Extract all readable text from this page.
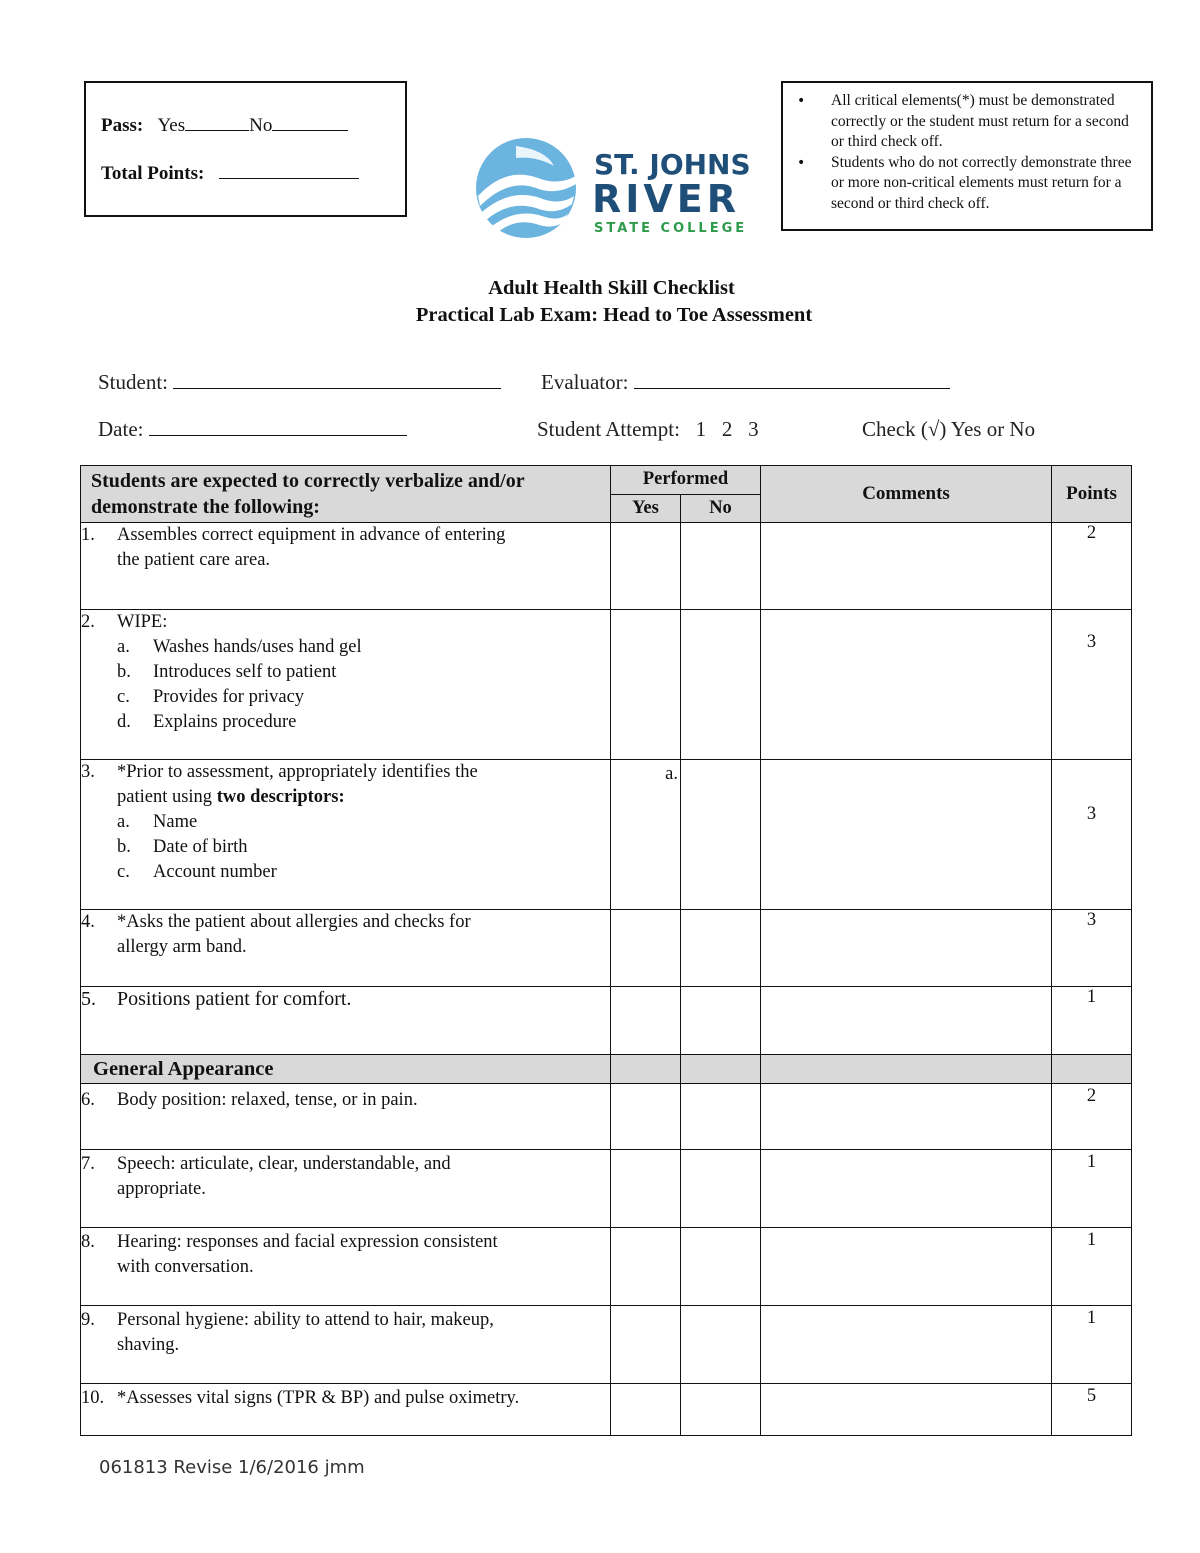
Pass: Yes	No
Total Points:	ST. JOHNS
RIVER
STATE COLLEGE
• All critical elements(*) must be demonstrated correctly or the student must return for a second or third check off.
• Students who do not correctly demonstrate three or more non-critical elements must return for a second or third check off.
Adult Health Skill Checklist
Practical Lab Exam: Head to Toe Assessment
Student:	Evaluator:
Date:	Student Attempt: 1   2   3	Check (√) Yes or No
Students are expected to correctly verbalize and/or demonstrate the following:	Performed		Comments	Points
	Yes	No		

1. Assembles correct equipment in advance of entering
the patient care area.				2

2. WIPE:
a. Washes hands/uses hand gel
b. Introduces self to patient
c. Provides for privacy
d. Explains procedure				3

3. *Prior to assessment, appropriately identifies the
patient using two descriptors:
a. Name
b. Date of birth
c. Account number	a.			3

4. *Asks the patient about allergies and checks for
allergy arm band.				3

5. Positions patient for comfort.				1
General Appearance				

6. Body position: relaxed, tense, or in pain.				2

7. Speech: articulate, clear, understandable, and
appropriate.				1

8. Hearing: responses and facial expression consistent
with conversation.				1

9. Personal hygiene: ability to attend to hair, makeup,
shaving.				1

10. *Assesses vital signs (TPR & BP) and pulse oximetry.				5
061813 Revise 1/6/2016 jmm
